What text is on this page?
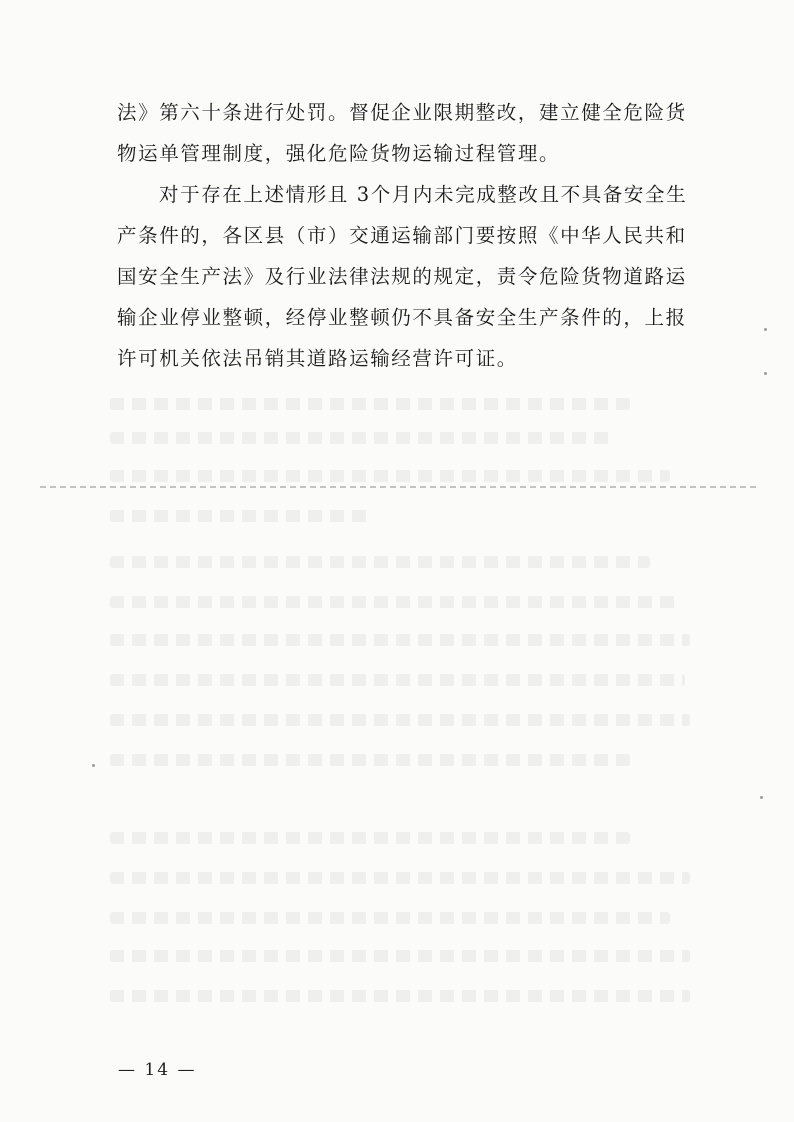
法》第六十条进行处罚。督促企业限期整改，建立健全危险货
物运单管理制度，强化危险货物运输过程管理。

对于存在上述情形且 3个月内未完成整改且不具备安全生
产条件的，各区县（市）交通运输部门要按照《中华人民共和
国安全生产法》及行业法律法规的规定，责令危险货物道路运
输企业停业整顿，经停业整顿仍不具备安全生产条件的，上报
许可机关依法吊销其道路运输经营许可证。

— 14 —
